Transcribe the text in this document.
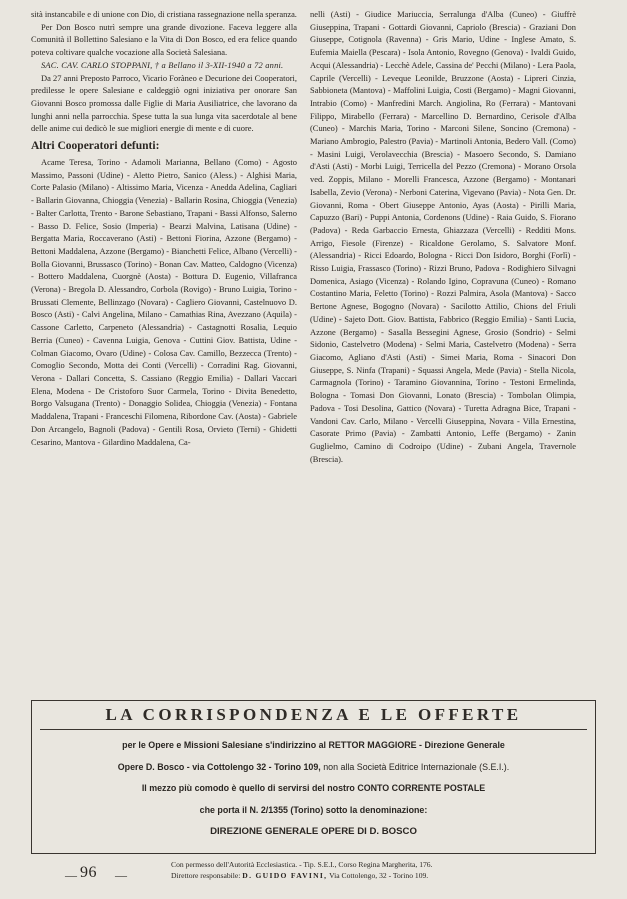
sità instancabile e di unione con Dio, di cristiana rassegnazione nella speranza.

Per Don Bosco nutrì sempre una grande divozione. Faceva leggere alla Comunità il Bollettino Salesiano e la Vita di Don Bosco, ed era felice quando poteva coltivare qualche vocazione alla Società Salesiana.

SAC. CAV. CARLO STOPPANI, † a Bellano il 3-XII-1940 a 72 anni.

Da 27 anni Preposto Parroco, Vicario Foràneo e Decurione dei Cooperatori, predilesse le opere Salesiane e caldeggiò ogni iniziativa per onorare San Giovanni Bosco promossa dalle Figlie di Maria Ausiliatrice, che lavorano da lunghi anni nella parrocchia. Spese tutta la sua lunga vita sacerdotale al bene delle anime cui dedicò le sue migliori energie di mente e di cuore.

Altri Cooperatori defunti:

Acame Teresa, Torino - Adamoli Marianna, Bellano (Como) - Agosto Massimo, Passoni (Udine) - Aletto Pietro, Sanico (Aless.) - Alghisi Maria, Corte Palasio (Milano) - Altissimo Maria, Vicenza - Anedda Adelina, Cagliari - Ballarin Giovanna, Chioggia (Venezia) - Ballarin Rosina, Chioggia (Venezia) - Balter Carlotta, Trento - Barone Sebastiano, Trapani - Bassi Alfonso, Salerno - Basso D. Felice, Sosio (Imperia) - Bearzi Malvina, Latisana (Udine) - Bergatta Maria, Roccaverano (Asti) - Bettoni Fiorina, Azzone (Bergamo) - Bettoni Maddalena, Azzone (Bergamo) - Bianchetti Felice, Albano (Vercelli) - Bolla Giovanni, Brussasco (Torino) - Bonan Cav. Matteo, Caldogno (Vicenza) - Bottero Maddalena, Cuorgnè (Aosta) - Bottura D. Eugenio, Villafranca (Verona) - Bregola D. Alessandro, Corbola (Rovigo) - Bruno Luigia, Torino - Brussati Clemente, Bellinzago (Novara) - Cagliero Giovanni, Castelnuovo D. Bosco (Asti) - Calvi Angelina, Milano - Camathias Rina, Avezzano (Aquila) - Cassone Carletto, Carpeneto (Alessandria) - Castagnotti Rosalia, Lequio Berria (Cuneo) - Cavenna Luigia, Genova - Cuttini Giov. Battista, Udine - Colman Giacomo, Ovaro (Udine) - Colosa Cav. Camillo, Bezzecca (Trento) - Comoglio Secondo, Motta dei Conti (Vercelli) - Corradini Rag. Giovanni, Verona - Dallari Concetta, S. Cassiano (Reggio Emilia) - Dallari Vaccari Elena, Modena - De Cristoforo Suor Carmela, Torino - Divita Benedetto, Borgo Valsugana (Trento) - Donaggio Solidea, Chioggia (Venezia) - Fontana Maddalena, Trapani - Franceschi Filomena, Ribordone Cav. (Aosta) - Gabriele Don Arcangelo, Bagnoli (Padova) - Gentili Rosa, Orvieto (Terni) - Ghidetti Cesarino, Mantova - Gilardino Maddalena, Ca-

nelli (Asti) - Giudice Mariuccia, Serralunga d'Alba (Cuneo) - Giuffrè Giuseppina, Trapani - Gottardi Giovanni, Capriolo (Brescia) - Graziani Don Giuseppe, Cotignola (Ravenna) - Gris Mario, Udine - Inglese Amato, S. Eufemia Maiella (Pescara) - Isola Antonio, Rovegno (Genova) - Ivaldi Guido, Acqui (Alessandria) - Lecchè Adele, Cassina de' Pecchi (Milano) - Lera Paola, Caprile (Vercelli) - Leveque Leonilde, Bruzzone (Aosta) - Lipreri Cinzia, Sabbioneta (Mantova) - Maffolini Luigia, Costi (Bergamo) - Magni Giovanni, Intrabio (Como) - Manfredini March. Angiolina, Ro (Ferrara) - Mantovani Filippo, Mirabello (Ferrara) - Marcellino D. Bernardino, Cerisole d'Alba (Cuneo) - Marchis Maria, Torino - Marconi Silene, Soncino (Cremona) - Mariano Ambrogio, Palestro (Pavia) - Martinoli Antonia, Bedero Vall. (Como) - Masini Luigi, Verolavecchia (Brescia) - Masoero Secondo, S. Damiano d'Asti (Asti) - Morbi Luigi, Terricella del Pezzo (Cremona) - Morano Orsola ved. Zoppis, Milano - Morelli Francesca, Azzone (Bergamo) - Montanari Isabella, Zevio (Verona) - Nerboni Caterina, Vigevano (Pavia) - Nota Gen. Dr. Giovanni, Roma - Obert Giuseppe Antonio, Ayas (Aosta) - Pirilli Maria, Capuzzo (Bari) - Puppi Antonia, Cordenons (Udine) - Raia Guido, S. Fiorano (Padova) - Reda Garbaccio Ernesta, Ghiazzaza (Vercelli) - Redditi Mons. Arrigo, Fiesole (Firenze) - Ricaldone Gerolamo, S. Salvatore Monf. (Alessandria) - Ricci Edoardo, Bologna - Ricci Don Isidoro, Borghi (Forlì) - Risso Luigia, Frassasco (Torino) - Rizzi Bruno, Padova - Rodighiero Silvagni Domenica, Asiago (Vicenza) - Rolando Igino, Copravuna (Cuneo) - Romano Costantino Maria, Feletto (Torino) - Rozzi Palmira, Asola (Mantova) - Sacco Bertone Agnese, Bogogno (Novara) - Sacilotto Attilio, Chions del Friuli (Udine) - Sajeto Dott. Giov. Battista, Fabbrico (Reggio Emilia) - Santi Lucia, Azzone (Bergamo) - Sasalla Bessegini Agnese, Grosio (Sondrio) - Selmi Sidonio, Castelvetro (Modena) - Selmi Maria, Castelvetro (Modena) - Serra Giacomo, Agliano d'Asti (Asti) - Simei Maria, Roma - Sinacori Don Giuseppe, S. Ninfa (Trapani) - Squassi Angela, Mede (Pavia) - Stella Nicola, Carmagnola (Torino) - Taramino Giovannina, Torino - Testoni Ermelinda, Bologna - Tomasi Don Giovanni, Lonato (Brescia) - Tombolan Olimpia, Padova - Tosi Desolina, Gattico (Novara) - Turetta Adragna Bice, Trapani - Vandoni Cav. Carlo, Milano - Vercelli Giuseppina, Novara - Villa Ernestina, Casorate Primo (Pavia) - Zambatti Antonio, Leffe (Bergamo) - Zanin Guglielmo, Camino di Codroipo (Udine) - Zubani Angela, Travernole (Brescia).

LA CORRISPONDENZA E LE OFFERTE
per le Opere e Missioni Salesiane s'indirizzino al RETTOR MAGGIORE - Direzione Generale
Opere D. Bosco - via Cottolengo 32 - Torino 109, non alla Società Editrice Internazionale (S.E.I.).
Il mezzo più comodo è quello di servirsi del nostro CONTO CORRENTE POSTALE
che porta il N. 2/1355 (Torino) sotto la denominazione:
DIREZIONE GENERALE OPERE DI D. BOSCO
— 96 —
Con permesso dell'Autorità Ecclesiastica. - Tip. S.E.I., Corso Regina Margherita, 176.
Direttore responsabile: D. GUIDO FAVINI, Via Cottolengo, 32 - Torino 109.
